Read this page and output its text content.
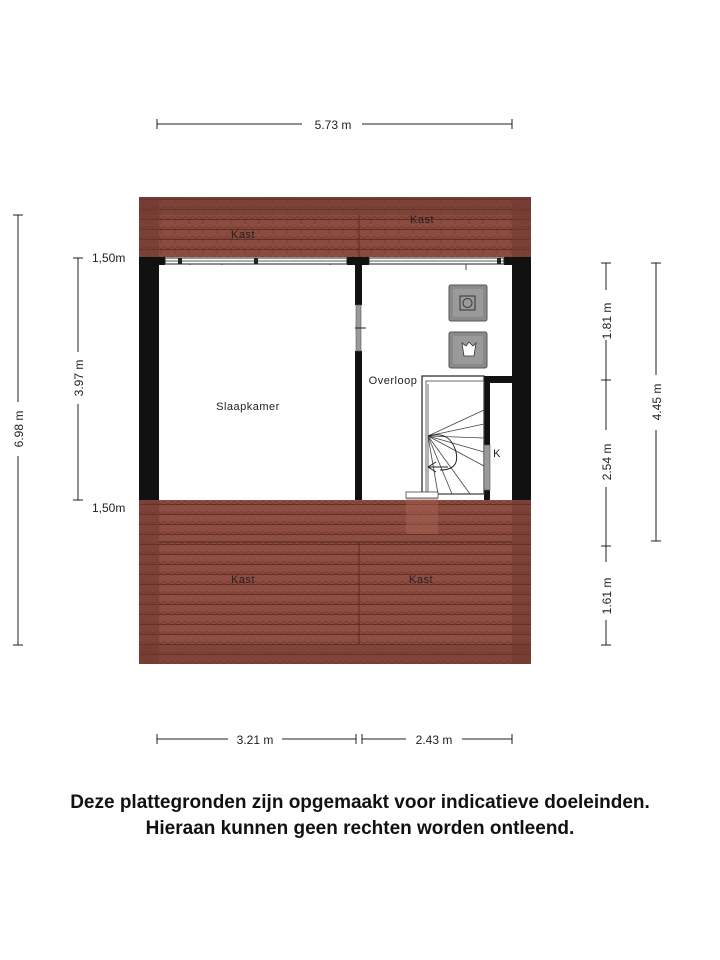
5.73 m
3.21 m	2.43 m
6.98 m
3.97 m
1,50m
1,50m
1.81 m
2.54 m
1.61 m
4.45 m
Kast
Kast
Slaapkamer
Overloop
K
Kast	Kast
Deze plattegronden zijn opgemaakt voor indicatieve doeleinden.
Hieraan kunnen geen rechten worden ontleend.
